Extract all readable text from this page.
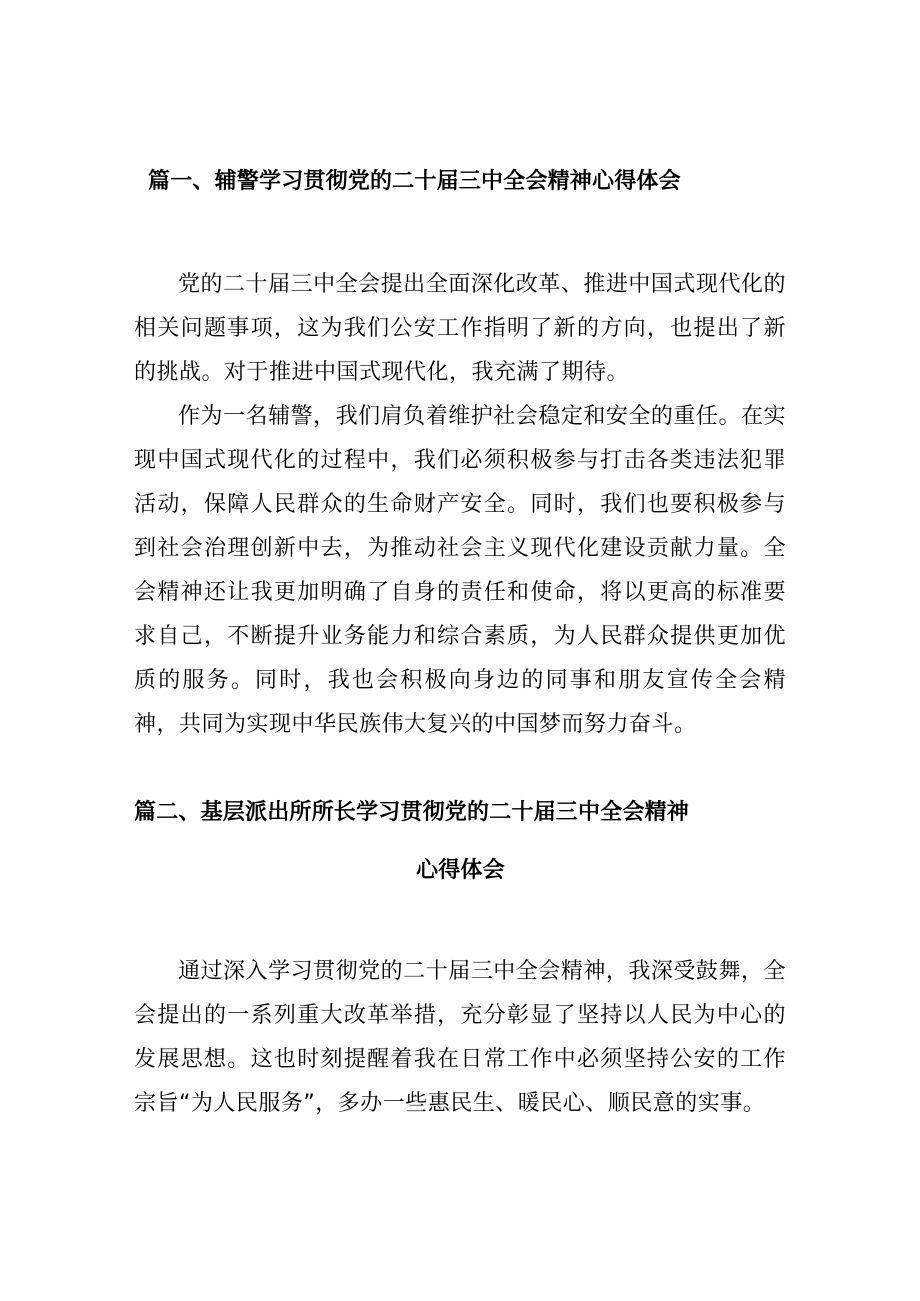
篇一、辅警学习贯彻党的二十届三中全会精神心得体会

党的二十届三中全会提出全面深化改革、推进中国式现代化的相关问题事项，这为我们公安工作指明了新的方向，也提出了新的挑战。对于推进中国式现代化，我充满了期待。

作为一名辅警，我们肩负着维护社会稳定和安全的重任。在实现中国式现代化的过程中，我们必须积极参与打击各类违法犯罪活动，保障人民群众的生命财产安全。同时，我们也要积极参与到社会治理创新中去，为推动社会主义现代化建设贡献力量。全会精神还让我更加明确了自身的责任和使命，将以更高的标准要求自己，不断提升业务能力和综合素质，为人民群众提供更加优质的服务。同时，我也会积极向身边的同事和朋友宣传全会精神，共同为实现中华民族伟大复兴的中国梦而努力奋斗。

篇二、基层派出所所长学习贯彻党的二十届三中全会精神
心得体会

通过深入学习贯彻党的二十届三中全会精神，我深受鼓舞，全会提出的一系列重大改革举措，充分彰显了坚持以人民为中心的发展思想。这也时刻提醒着我在日常工作中必须坚持公安的工作宗旨“为人民服务”，多办一些惠民生、暖民心、顺民意的实事。
